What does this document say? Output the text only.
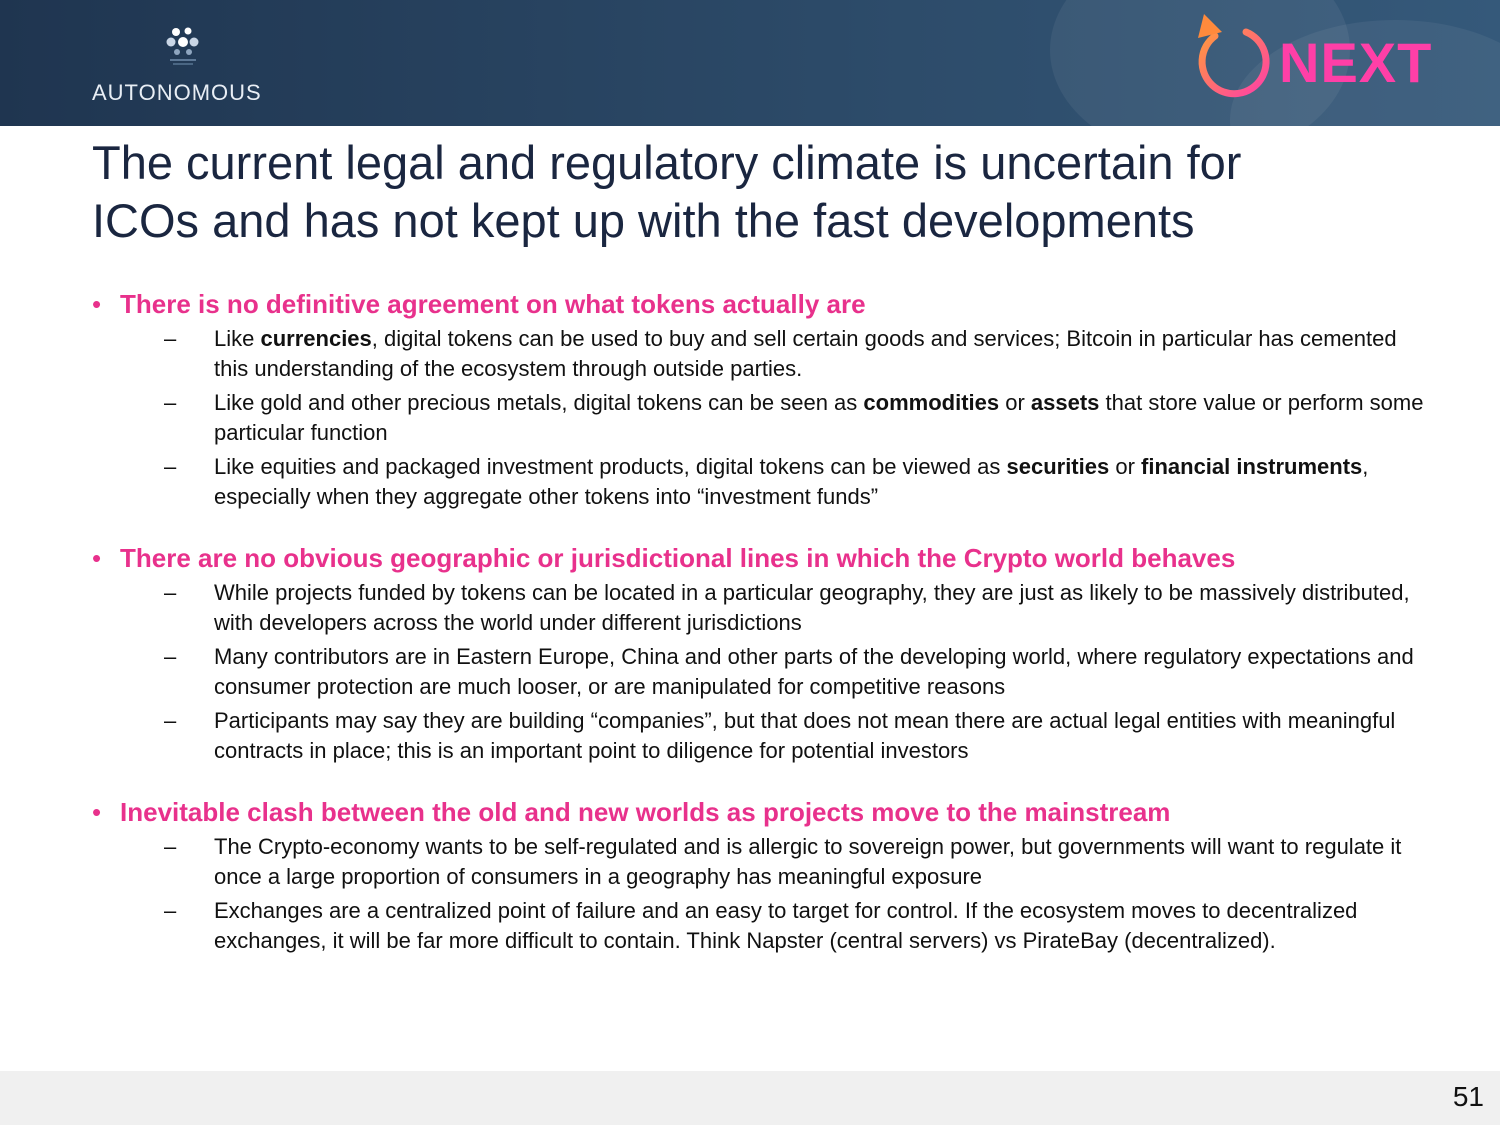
AUTONOMOUS	NEXT
The current legal and regulatory climate is uncertain for
ICOs and has not kept up with the fast developments
• There is no definitive agreement on what tokens actually are
– Like currencies, digital tokens can be used to buy and sell certain goods and services; Bitcoin in particular has cemented this understanding of the ecosystem through outside parties.
– Like gold and other precious metals, digital tokens can be seen as commodities or assets that store value or perform some particular function
– Like equities and packaged investment products, digital tokens can be viewed as securities or financial instruments, especially when they aggregate other tokens into “investment funds”
• There are no obvious geographic or jurisdictional lines in which the Crypto world behaves
– While projects funded by tokens can be located in a particular geography, they are just as likely to be massively distributed, with developers across the world under different jurisdictions
– Many contributors are in Eastern Europe, China and other parts of the developing world, where regulatory expectations and consumer protection are much looser, or are manipulated for competitive reasons
– Participants may say they are building “companies”, but that does not mean there are actual legal entities with meaningful contracts in place; this is an important point to diligence for potential investors
• Inevitable clash between the old and new worlds as projects move to the mainstream
– The Crypto-economy wants to be self-regulated and is allergic to sovereign power, but governments will want to regulate it once a large proportion of consumers in a geography has meaningful exposure
– Exchanges are a centralized point of failure and an easy to target for control. If the ecosystem moves to decentralized exchanges, it will be far more difficult to contain. Think Napster (central servers) vs PirateBay (decentralized).
51
